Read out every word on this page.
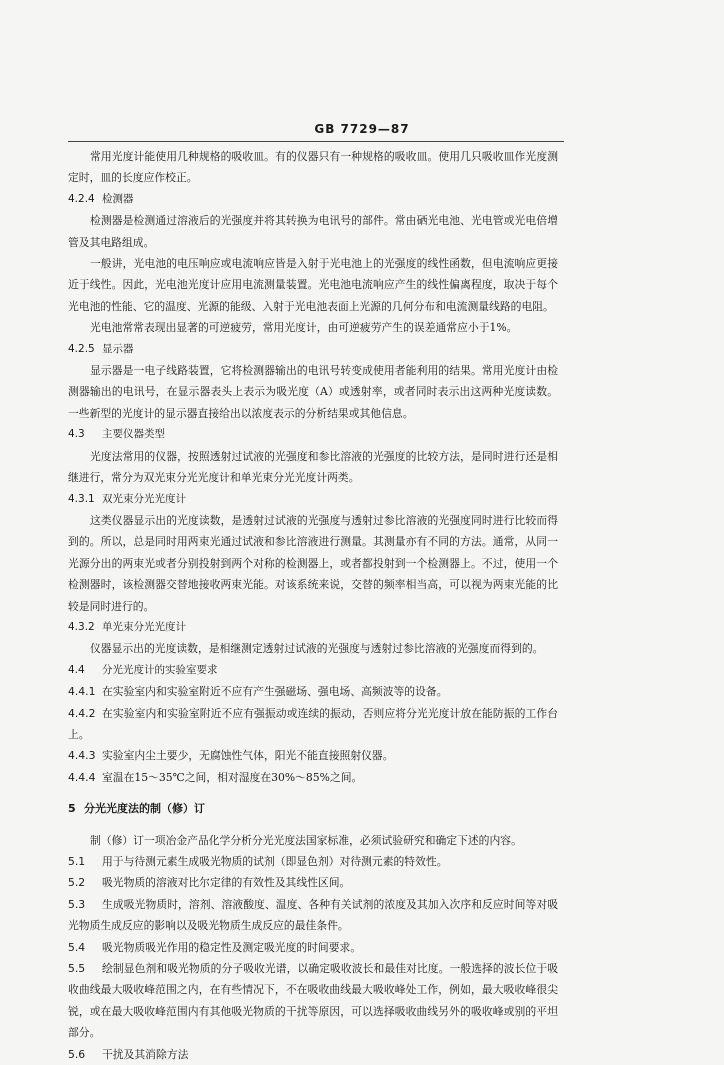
GB 7729—87

常用光度计能使用几种规格的吸收皿。有的仪器只有一种规格的吸收皿。使用几只吸收皿作光度测定时，皿的长度应作校正。

4.2.4 检测器

检测器是检测通过溶液后的光强度并将其转换为电讯号的部件。常由硒光电池、光电管或光电倍增管及其电路组成。

一般讲，光电池的电压响应或电流响应皆是入射于光电池上的光强度的线性函数，但电流响应更接近于线性。因此，光电池光度计应用电流测量装置。光电池电流响应产生的线性偏离程度，取决于每个光电池的性能、它的温度、光源的能级、入射于光电池表面上光源的几何分布和电流测量线路的电阻。

光电池常常表现出显著的可逆疲劳，常用光度计，由可逆疲劳产生的误差通常应小于1%。

4.2.5 显示器

显示器是一电子线路装置，它将检测器输出的电讯号转变成使用者能利用的结果。常用光度计由检测器输出的电讯号，在显示器表头上表示为吸光度（A）或透射率，或者同时表示出这两种光度读数。一些新型的光度计的显示器直接给出以浓度表示的分析结果或其他信息。

4.3 主要仪器类型

光度法常用的仪器，按照透射过试液的光强度和参比溶液的光强度的比较方法，是同时进行还是相继进行，常分为双光束分光光度计和单光束分光光度计两类。

4.3.1 双光束分光光度计

这类仪器显示出的光度读数，是透射过试液的光强度与透射过参比溶液的光强度同时进行比较而得到的。所以，总是同时用两束光通过试液和参比溶液进行测量。其测量亦有不同的方法。通常，从同一光源分出的两束光或者分别投射到两个对称的检测器上，或者都投射到一个检测器上。不过，使用一个检测器时，该检测器交替地接收两束光能。对该系统来说，交替的频率相当高，可以视为两束光能的比较是同时进行的。

4.3.2 单光束分光光度计

仪器显示出的光度读数，是相继测定透射过试液的光强度与透射过参比溶液的光强度而得到的。

4.4 分光光度计的实验室要求

4.4.1 在实验室内和实验室附近不应有产生强磁场、强电场、高频波等的设备。

4.4.2 在实验室内和实验室附近不应有强振动或连续的振动，否则应将分光光度计放在能防振的工作台上。

4.4.3 实验室内尘土要少，无腐蚀性气体，阳光不能直接照射仪器。

4.4.4 室温在15～35℃之间，相对湿度在30%～85%之间。

5 分光光度法的制（修）订

制（修）订一项冶金产品化学分析分光光度法国家标准，必须试验研究和确定下述的内容。

5.1 用于与待测元素生成吸光物质的试剂（即显色剂）对待测元素的特效性。

5.2 吸光物质的溶液对比尔定律的有效性及其线性区间。

5.3 生成吸光物质时，溶剂、溶液酸度、温度、各种有关试剂的浓度及其加入次序和反应时间等对吸光物质生成反应的影响以及吸光物质生成反应的最佳条件。

5.4 吸光物质吸光作用的稳定性及测定吸光度的时间要求。

5.5 绘制显色剂和吸光物质的分子吸收光谱，以确定吸收波长和最佳对比度。一般选择的波长位于吸收曲线最大吸收峰范围之内，在有些情况下，不在吸收曲线最大吸收峰处工作，例如，最大吸收峰很尖锐，或在最大吸收峰范围内有其他吸光物质的干扰等原因，可以选择吸收曲线另外的吸收峰或别的平坦部分。

5.6 干扰及其消除方法
